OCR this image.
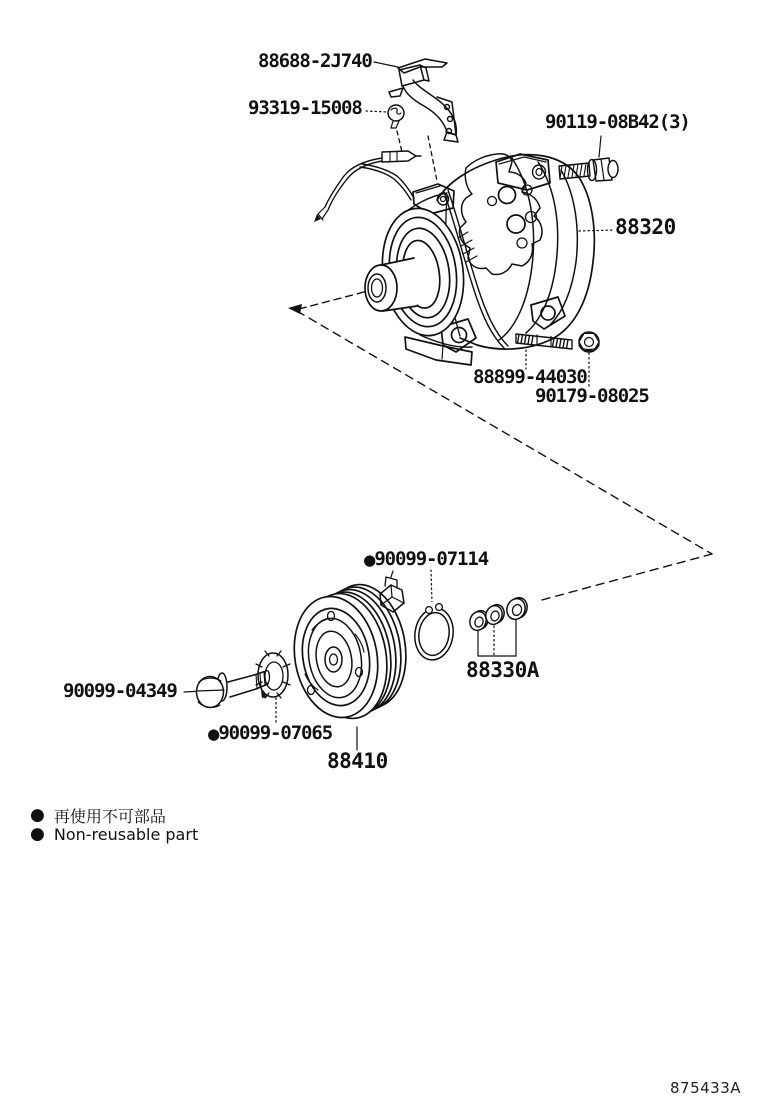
88688-2J740
93319-15008
90119-08B42(3)
88320
88899-44030
90179-08025
●90099-07114
88330A
90099-04349
●90099-07065
88410
● 再使用不可部品
● Non-reusable part
875433A
